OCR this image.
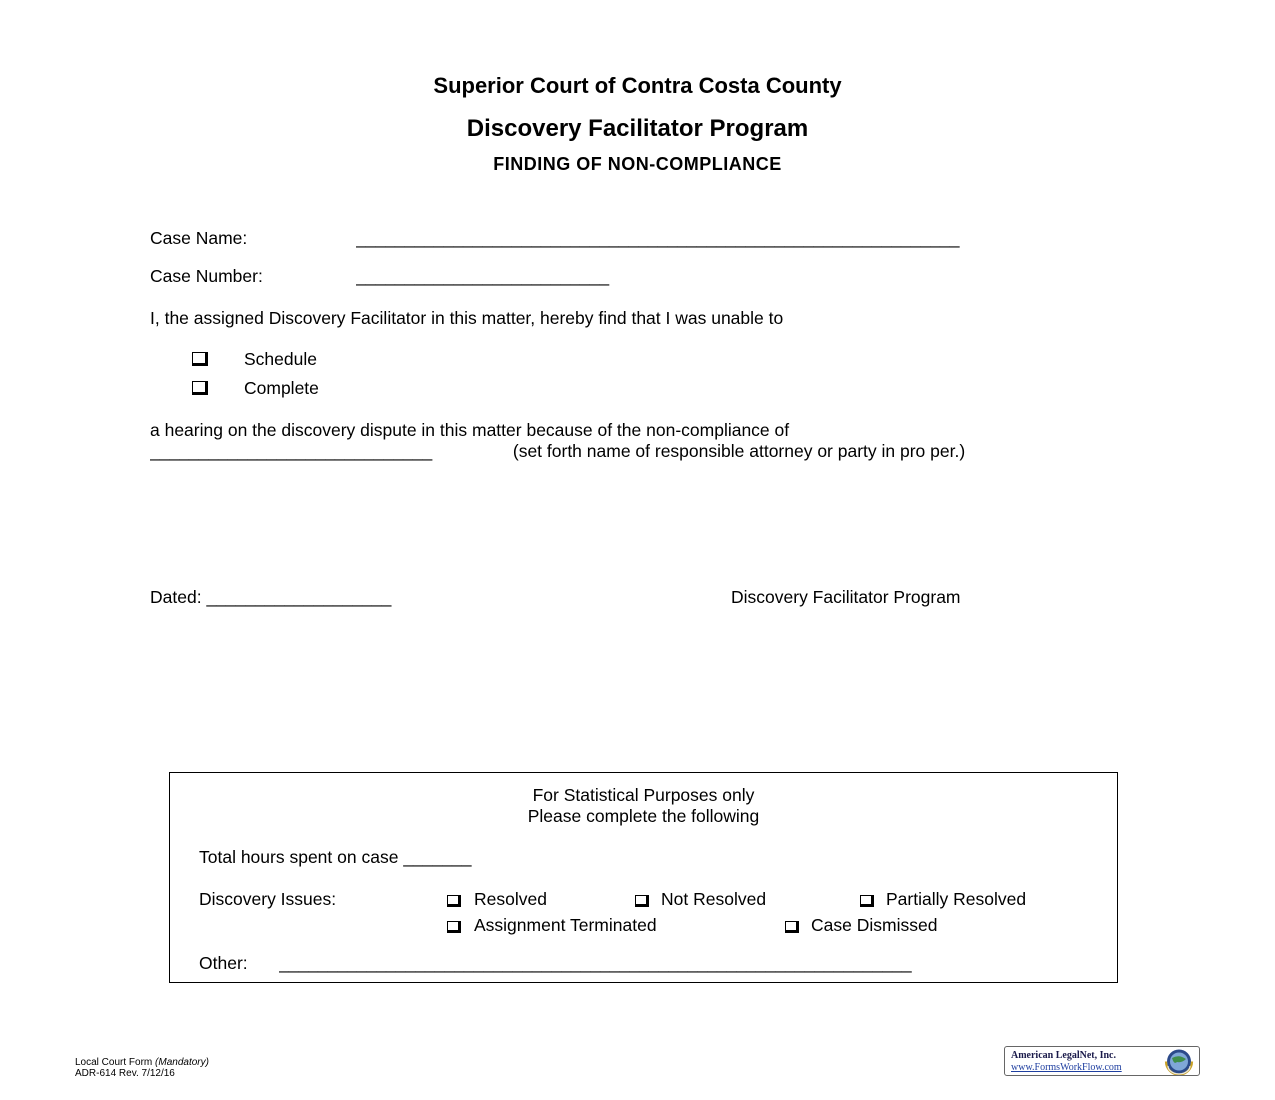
Superior Court of Contra Costa County
Discovery Facilitator Program
FINDING OF NON-COMPLIANCE
Case Name:	______________________________________________________________
Case Number:	__________________________
I, the assigned Discovery Facilitator in this matter, hereby find that I was unable to
Schedule
Complete
a hearing on the discovery dispute in this matter because of the non-compliance of
_____________________________	(set forth name of responsible attorney or party in pro per.)
Dated: ___________________	Discovery Facilitator Program
For Statistical Purposes only
Please complete the following
Total hours spent on case _______
Discovery Issues:	Resolved	Not Resolved	Partially Resolved
Assignment Terminated	Case Dismissed
Other: _________________________________________________________________
Local Court Form (Mandatory)
ADR-614 Rev. 7/12/16
American LegalNet, Inc.
www.FormsWorkFlow.com
